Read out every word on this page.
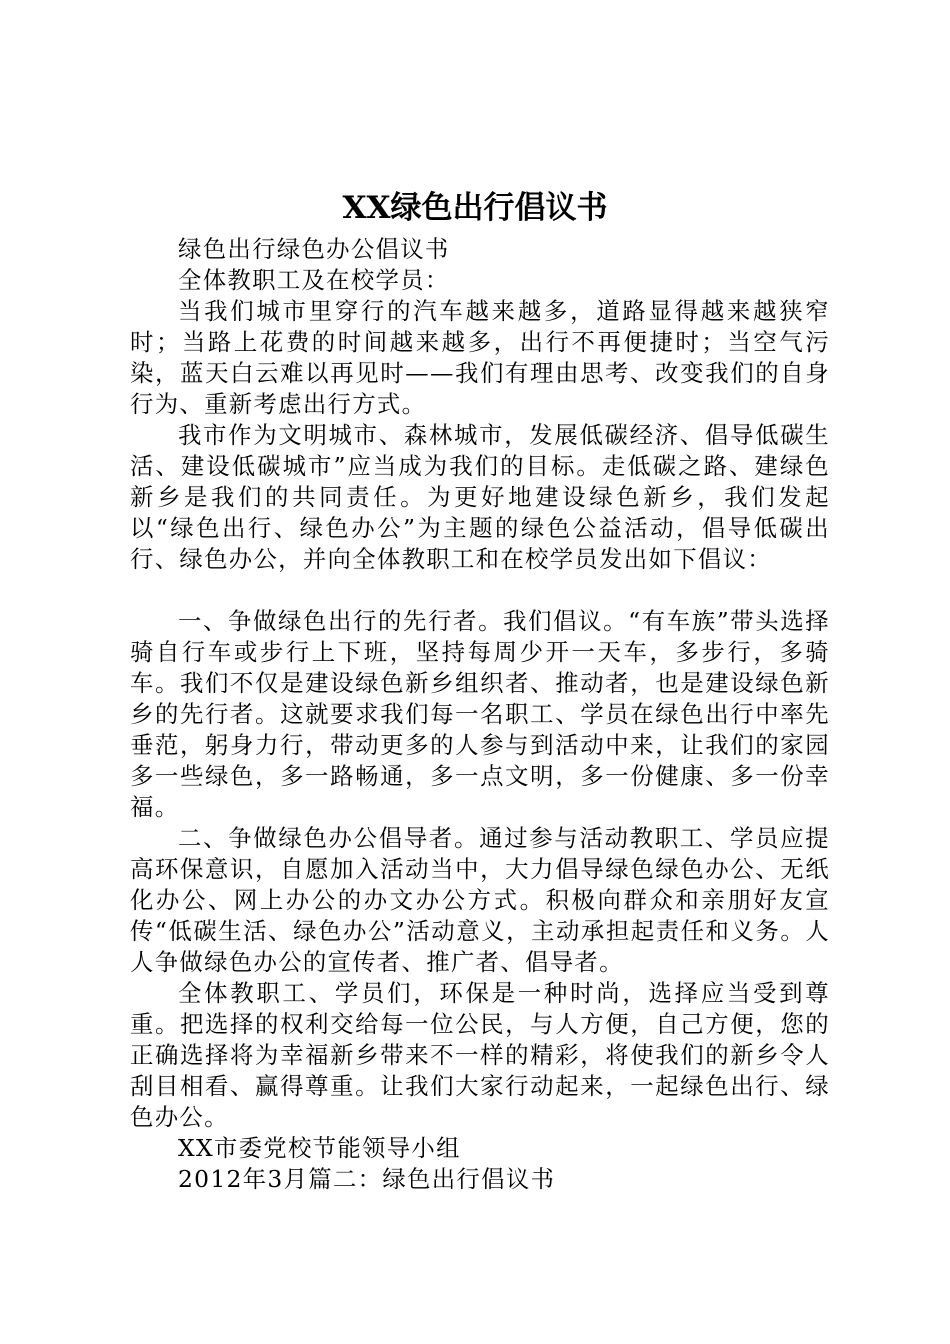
XX绿色出行倡议书

绿色出行绿色办公倡议书

全体教职工及在校学员：

当我们城市里穿行的汽车越来越多，道路显得越来越狭窄时；当路上花费的时间越来越多，出行不再便捷时；当空气污染，蓝天白云难以再见时——我们有理由思考、改变我们的自身行为、重新考虑出行方式。

我市作为文明城市、森林城市，发展低碳经济、倡导低碳生活、建设低碳城市”应当成为我们的目标。走低碳之路、建绿色新乡是我们的共同责任。为更好地建设绿色新乡，我们发起以“绿色出行、绿色办公”为主题的绿色公益活动，倡导低碳出行、绿色办公，并向全体教职工和在校学员发出如下倡议：

一、争做绿色出行的先行者。我们倡议。“有车族”带头选择骑自行车或步行上下班，坚持每周少开一天车，多步行，多骑车。我们不仅是建设绿色新乡组织者、推动者，也是建设绿色新乡的先行者。这就要求我们每一名职工、学员在绿色出行中率先垂范，躬身力行，带动更多的人参与到活动中来，让我们的家园多一些绿色，多一路畅通，多一点文明，多一份健康、多一份幸福。

二、争做绿色办公倡导者。通过参与活动教职工、学员应提高环保意识，自愿加入活动当中，大力倡导绿色绿色办公、无纸化办公、网上办公的办文办公方式。积极向群众和亲朋好友宣传“低碳生活、绿色办公”活动意义，主动承担起责任和义务。人人争做绿色办公的宣传者、推广者、倡导者。

全体教职工、学员们，环保是一种时尚，选择应当受到尊重。把选择的权利交给每一位公民，与人方便，自己方便，您的正确选择将为幸福新乡带来不一样的精彩，将使我们的新乡令人刮目相看、赢得尊重。让我们大家行动起来，一起绿色出行、绿色办公。

XX市委党校节能领导小组

2012年3月篇二：绿色出行倡议书
